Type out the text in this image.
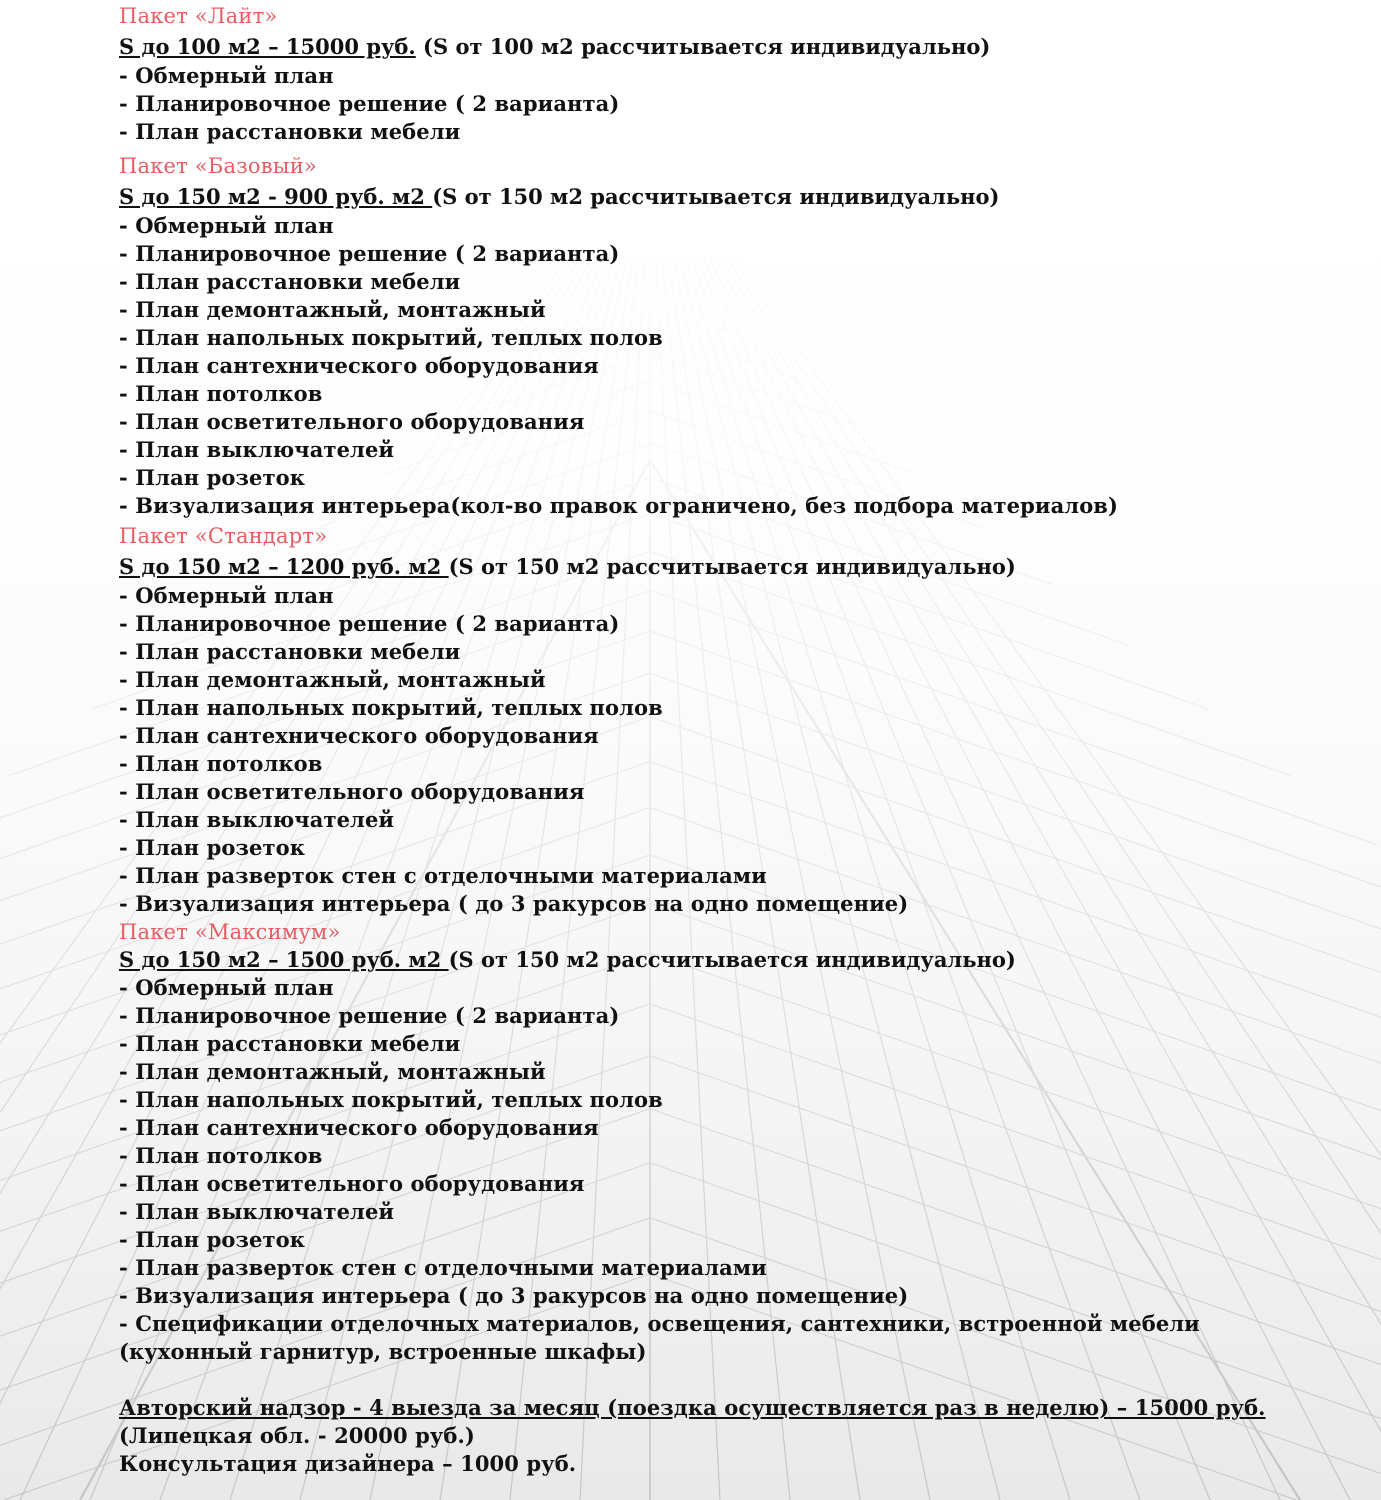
Пакет «Лайт»
S до 100 м2 – 15000 руб. (S от 100 м2 рассчитывается индивидуально)
- Обмерный план
- Планировочное решение ( 2 варианта)
- План расстановки мебели
Пакет «Базовый»
S до 150 м2 - 900 руб. м2 (S от 150 м2 рассчитывается индивидуально)
- Обмерный план
- Планировочное решение ( 2 варианта)
- План расстановки мебели
- План демонтажный, монтажный
- План напольных покрытий, теплых полов
- План сантехнического оборудования
- План потолков
- План осветительного оборудования
- План выключателей
- План розеток
- Визуализация интерьера(кол-во правок ограничено, без подбора материалов)
Пакет «Стандарт»
S до 150 м2 – 1200 руб. м2 (S от 150 м2 рассчитывается индивидуально)
- Обмерный план
- Планировочное решение ( 2 варианта)
- План расстановки мебели
- План демонтажный, монтажный
- План напольных покрытий, теплых полов
- План сантехнического оборудования
- План потолков
- План осветительного оборудования
- План выключателей
- План розеток
- План разверток стен с отделочными материалами
- Визуализация интерьера ( до 3 ракурсов на одно помещение)
Пакет «Максимум»
S до 150 м2 – 1500 руб. м2 (S от 150 м2 рассчитывается индивидуально)
- Обмерный план
- Планировочное решение ( 2 варианта)
- План расстановки мебели
- План демонтажный, монтажный
- План напольных покрытий, теплых полов
- План сантехнического оборудования
- План потолков
- План осветительного оборудования
- План выключателей
- План розеток
- План разверток стен с отделочными материалами
- Визуализация интерьера ( до 3 ракурсов на одно помещение)
- Спецификации отделочных материалов, освещения, сантехники, встроенной мебели (кухонный гарнитур, встроенные шкафы)
Авторский надзор - 4 выезда за месяц (поездка осуществляется раз в неделю) – 15000 руб.
(Липецкая обл. - 20000 руб.)
Консультация дизайнера – 1000 руб.
